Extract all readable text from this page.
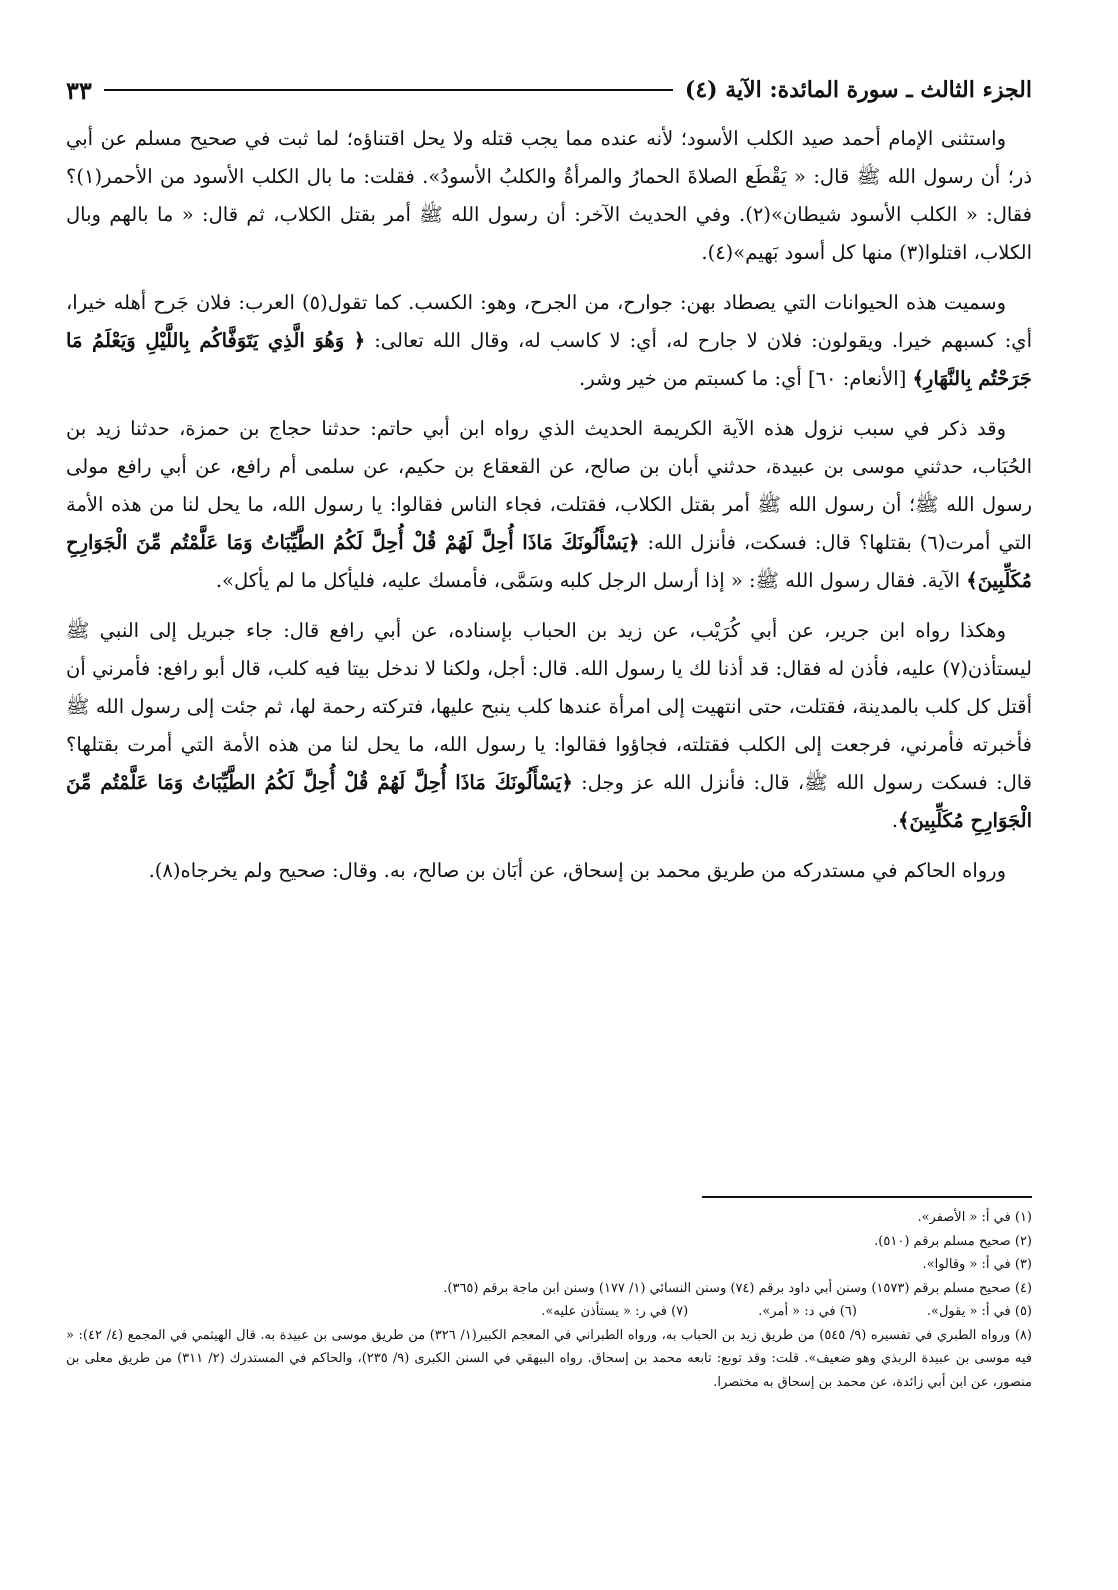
الجزء الثالث ـ سورة المائدة: الآية (٤)
٣٣

واستثنى الإمام أحمد صيد الكلب الأسود؛ لأنه عنده مما يجب قتله ولا يحل اقتناؤه؛ لما ثبت في صحيح مسلم عن أبي ذر؛ أن رسول الله ﷺ قال: « يَقْطَع الصلاةَ الحمارُ والمرأةُ والكلبُ الأسودُ». فقلت: ما بال الكلب الأسود من الأحمر(١)؟ فقال: « الكلب الأسود شيطان»(٢). وفي الحديث الآخر: أن رسول الله ﷺ أمر بقتل الكلاب، ثم قال: « ما بالهم وبال الكلاب، اقتلوا(٣) منها كل أسود بَهيم»(٤).

وسميت هذه الحيوانات التي يصطاد بهن: جوارح، من الجرح، وهو: الكسب. كما تقول(٥) العرب: فلان جَرح أهله خيرا، أي: كسبهم خيرا. ويقولون: فلان لا جارح له، أي: لا كاسب له، وقال الله تعالى: ﴿ وَهُوَ الَّذِي يَتَوَفَّاكُم بِاللَّيْلِ وَيَعْلَمُ مَا جَرَحْتُم بِالنَّهَارِ﴾ [الأنعام: ٦٠] أي: ما كسبتم من خير وشر.

وقد ذكر في سبب نزول هذه الآية الكريمة الحديث الذي رواه ابن أبي حاتم: حدثنا حجاج بن حمزة، حدثنا زيد بن الحُبَاب، حدثني موسى بن عبيدة، حدثني أبان بن صالح، عن القعقاع بن حكيم، عن سلمى أم رافع، عن أبي رافع مولى رسول الله ﷺ؛ أن رسول الله ﷺ أمر بقتل الكلاب، فقتلت، فجاء الناس فقالوا: يا رسول الله، ما يحل لنا من هذه الأمة التي أمرت(٦) بقتلها؟ قال: فسكت، فأنزل الله: ﴿يَسْأَلُونَكَ مَاذَا أُحِلَّ لَهُمْ قُلْ أُحِلَّ لَكُمُ الطَّيِّبَاتُ وَمَا عَلَّمْتُم مِّنَ الْجَوَارِحِ مُكَلِّبِينَ﴾ الآية. فقال رسول الله ﷺ: « إذا أرسل الرجل كلبه وسَمَّى، فأمسك عليه، فليأكل ما لم يأكل».

وهكذا رواه ابن جرير، عن أبي كُرَيْب، عن زيد بن الحباب بإسناده، عن أبي رافع قال: جاء جبريل إلى النبي ﷺ ليستأذن(٧) عليه، فأذن له فقال: قد أذنا لك يا رسول الله. قال: أجل، ولكنا لا ندخل بيتا فيه كلب، قال أبو رافع: فأمرني أن أقتل كل كلب بالمدينة، فقتلت، حتى انتهيت إلى امرأة عندها كلب ينبح عليها، فتركته رحمة لها، ثم جئت إلى رسول الله ﷺ فأخبرته فأمرني، فرجعت إلى الكلب فقتلته، فجاؤوا فقالوا: يا رسول الله، ما يحل لنا من هذه الأمة التي أمرت بقتلها؟ قال: فسكت رسول الله ﷺ، قال: فأنزل الله عز وجل: ﴿يَسْأَلُونَكَ مَاذَا أُحِلَّ لَهُمْ قُلْ أُحِلَّ لَكُمُ الطَّيِّبَاتُ وَمَا عَلَّمْتُم مِّنَ الْجَوَارِحِ مُكَلِّبِينَ﴾.

ورواه الحاكم في مستدركه من طريق محمد بن إسحاق، عن أبَان بن صالح، به. وقال: صحيح ولم يخرجاه(٨).

(١) في أ: « الأصفر».

(٢) صحيح مسلم برقم (٥١٠).

(٣) في أ: « وقالوا».

(٤) صحيح مسلم برقم (١٥٧٣) وسنن أبي داود برقم (٧٤) وسنن النسائي (١/ ١٧٧) وسنن ابن ماجة برقم (٣٦٥).

(٥) في أ: « يقول».
(٦) في د: « أمر».
(٧) في ر: « يستأذن عليه».

(٨) ورواه الطبري في تفسيره (٩/ ٥٤٥) من طريق زيد بن الحباب به، ورواه الطبراني في المعجم الكبير(١/ ٣٢٦) من طريق موسى بن عبيدة به. قال الهيثمي في المجمع (٤/ ٤٢): « فيه موسى بن عبيدة الربذي وهو ضعيف». قلت: وقد توبع: تابعه محمد بن إسحاق. رواه البيهقي في السنن الكبرى (٩/ ٢٣٥)، والحاكم في المستدرك (٢/ ٣١١) من طريق معلى بن منصور، عن ابن أبي زائدة، عن محمد بن إسحاق به مختصرا.
